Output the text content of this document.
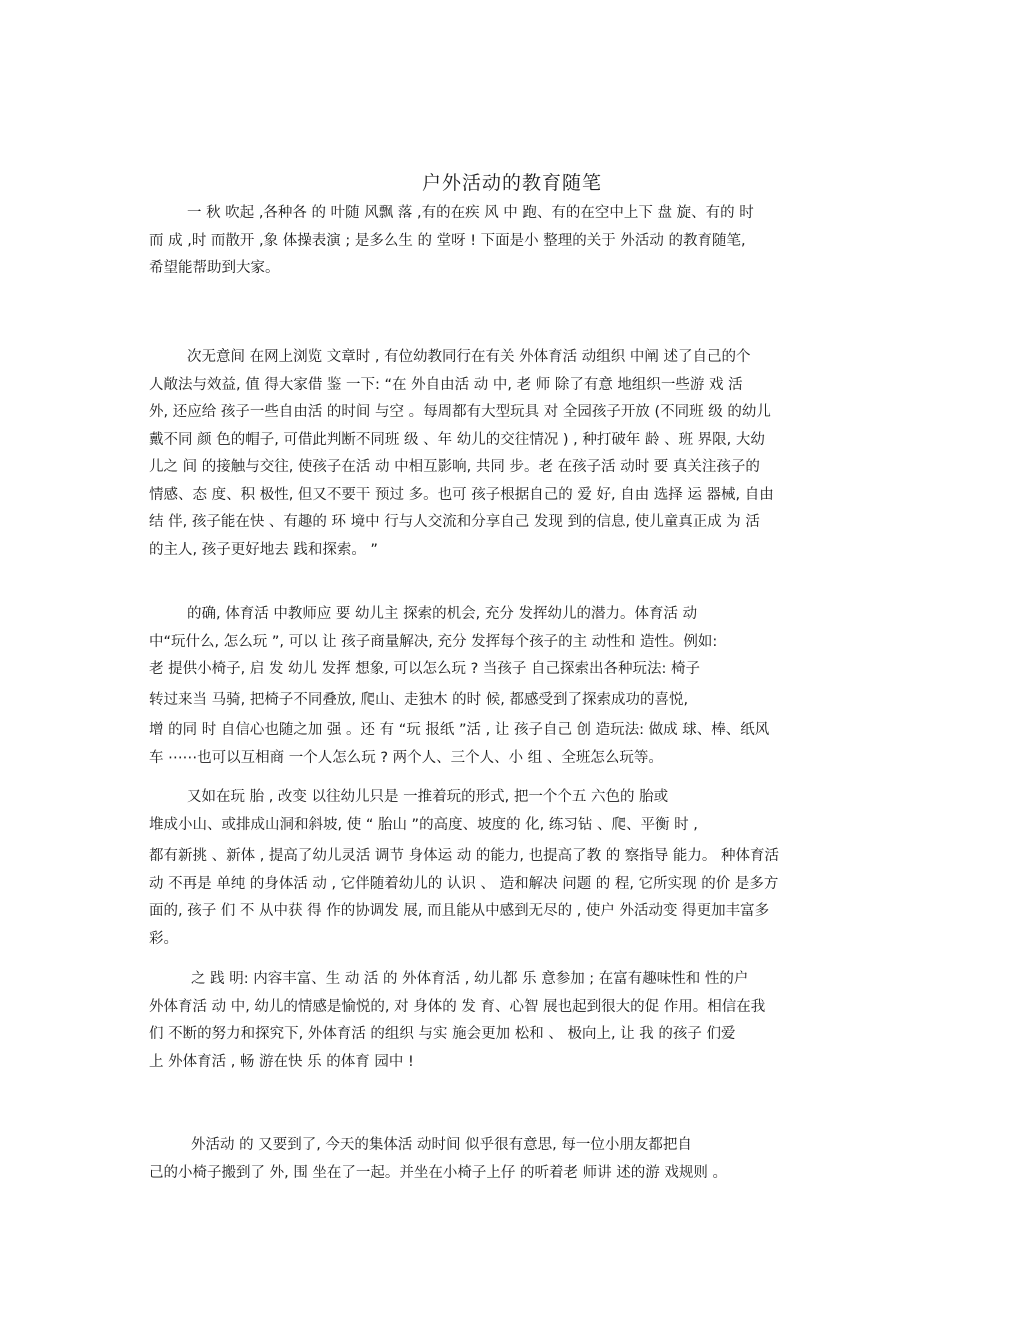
户外活动的教育随笔
一 秋 吹起 ,各种各 的 叶随 风飘 落 ,有的在疾 风 中 跑、有的在空中上下 盘 旋、有的 时
而 成 ,时 而散开 ,象 体操表演 ; 是多么生 的 堂呀 ! 下面是小 整理的关于 外活动 的教育随笔,
希望能帮助到大家。
次无意间 在网上浏览 文章时 , 有位幼教同行在有关 外体育活 动组织 中阐 述了自己的个
人敞法与效益, 值 得大家借 鉴 一下: “在 外自由活 动 中, 老 师 除了有意 地组织一些游 戏 活
外, 还应给 孩子一些自由活 的时间 与空 。每周都有大型玩具 对 全园孩子开放 (不同班 级 的幼儿
戴不同 颜 色的帽子, 可借此判断不同班 级 、年 幼儿的交往情况 ) , 种打破年 龄 、班 界限, 大幼
儿之 间 的接触与交往, 使孩子在活 动 中相互影响, 共同 步。老 在孩子活 动时 要 真关注孩子的
情感、态 度、积 极性, 但又不要干 预过 多。也可 孩子根据自己的 爱 好, 自由 选择 运 器械, 自由
结 伴, 孩子能在快 、有趣的 环 境中 行与人交流和分享自己 发现 到的信息, 使儿童真正成 为 活
的主人, 孩子更好地去 践和探索。 ”
的确, 体育活 中教师应 要 幼儿主 探索的机会, 充分 发挥幼儿的潜力。体育活 动
中“玩什么, 怎么玩 ”, 可以 让 孩子商量解决, 充分 发挥每个孩子的主 动性和 造性。例如:
老 提供小椅子, 启 发 幼儿 发挥 想象, 可以怎么玩 ? 当孩子 自己探索出各种玩法: 椅子
转过来当 马骑, 把椅子不同叠放, 爬山、走独木 的时 候, 都感受到了探索成功的喜悦,
增 的同 时 自信心也随之加 强 。还 有 “玩 报纸 ”活 , 让 孩子自己 创 造玩法: 做成 球、棒、纸风
车 ⋯⋯也可以互相商 一个人怎么玩 ? 两个人、三个人、小 组 、全班怎么玩等。
又如在玩 胎 , 改变 以往幼儿只是 一推着玩的形式, 把一个个五 六色的 胎或
堆成小山、或排成山洞和斜坡, 使 “ 胎山 ”的高度、坡度的 化, 练习钻 、爬、平衡 时 ,
都有新挑 、新体 , 提高了幼儿灵活 调节 身体运 动 的能力, 也提高了教 的 察指导 能力。 种体育活
动 不再是 单纯 的身体活 动 , 它伴随着幼儿的 认识 、 造和解决 问题 的 程, 它所实现 的价 是多方
面的, 孩子 们 不 从中获 得 作的协调发 展, 而且能从中感到无尽的 , 使户 外活动变 得更加丰富多
彩。
之 践 明: 内容丰富、生 动 活 的 外体育活 , 幼儿都 乐 意参加 ; 在富有趣味性和 性的户
外体育活 动 中, 幼儿的情感是愉悦的, 对 身体的 发 育、心智 展也起到很大的促 作用。相信在我
们 不断的努力和探究下, 外体育活 的组织 与实 施会更加 松和 、 极向上, 让 我 的孩子 们爱
上 外体育活 , 畅 游在快 乐 的体育 园中 !
外活动 的 又要到了, 今天的集体活 动时间 似乎很有意思, 每一位小朋友都把自
己的小椅子搬到了 外, 围 坐在了一起。并坐在小椅子上仔 的听着老 师讲 述的游 戏规则 。
